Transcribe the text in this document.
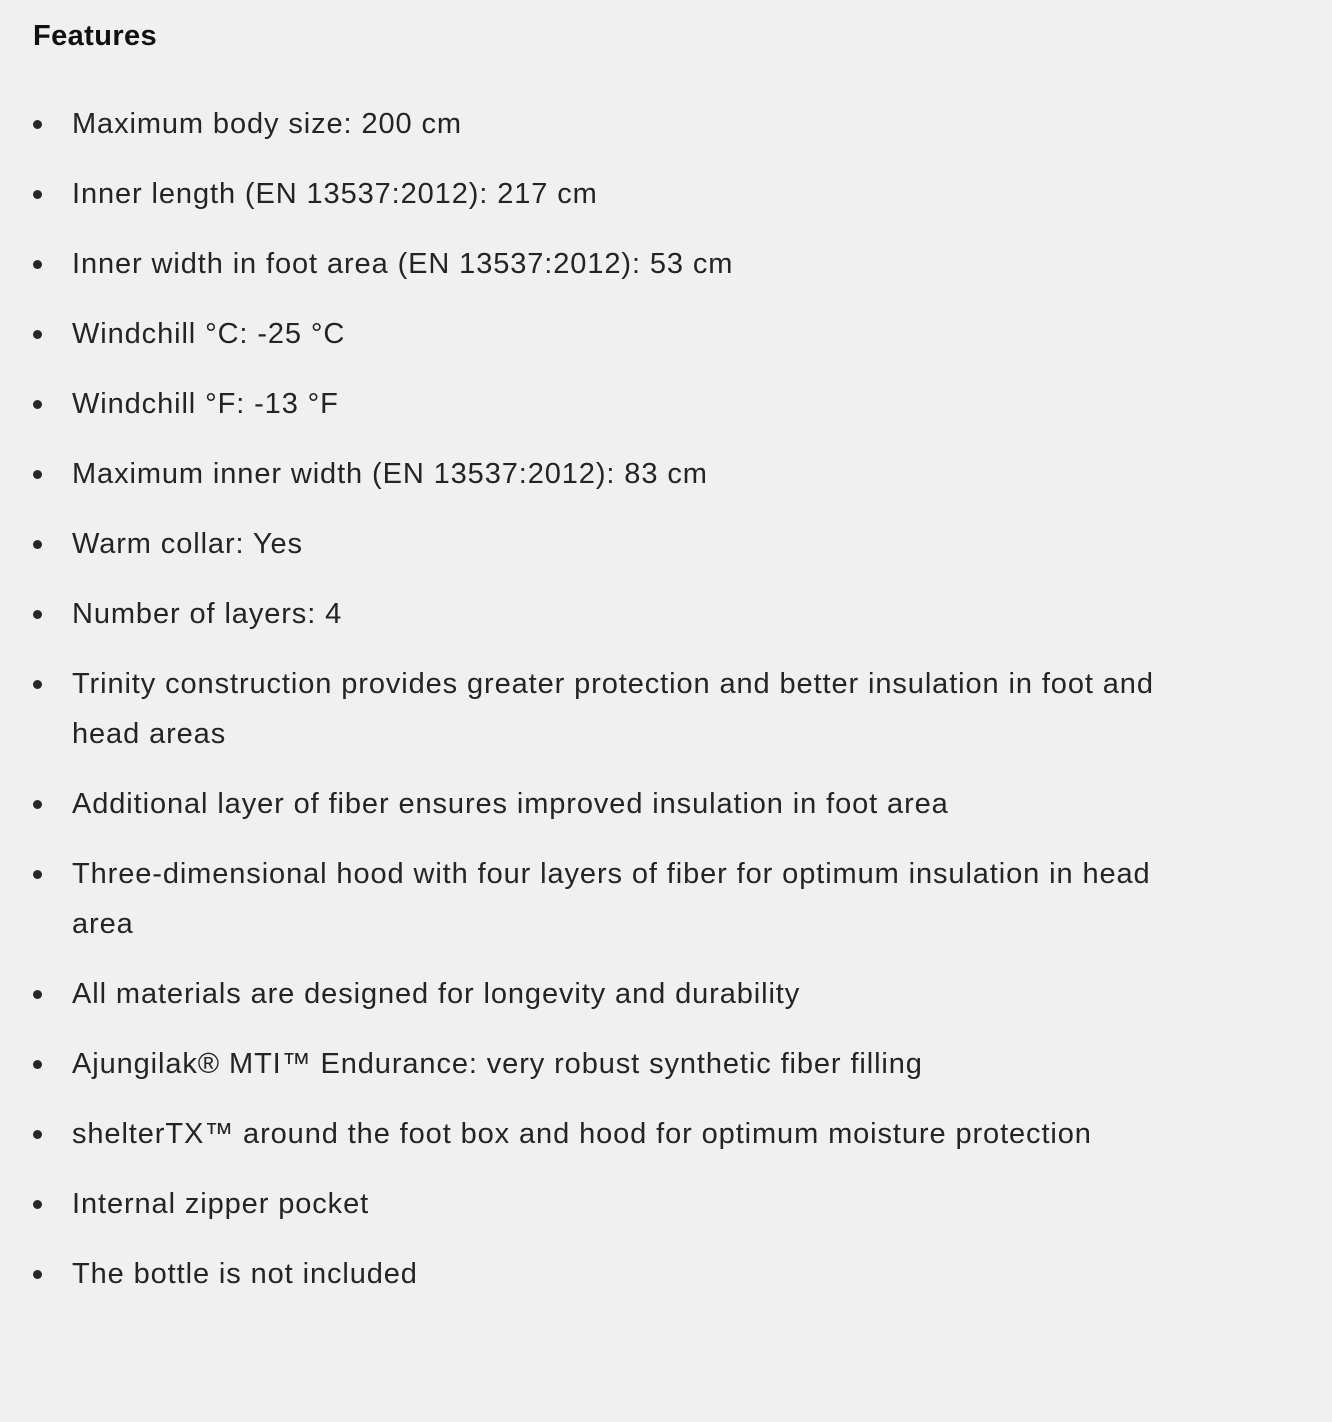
Features
Maximum body size: 200 cm
Inner length (EN 13537:2012): 217 cm
Inner width in foot area (EN 13537:2012): 53 cm
Windchill °C: -25 °C
Windchill °F: -13 °F
Maximum inner width (EN 13537:2012): 83 cm
Warm collar: Yes
Number of layers: 4
Trinity construction provides greater protection and better insulation in foot and head areas
Additional layer of fiber ensures improved insulation in foot area
Three-dimensional hood with four layers of fiber for optimum insulation in head area
All materials are designed for longevity and durability
Ajungilak® MTI™ Endurance: very robust synthetic fiber filling
shelterTX™ around the foot box and hood for optimum moisture protection
Internal zipper pocket
The bottle is not included
